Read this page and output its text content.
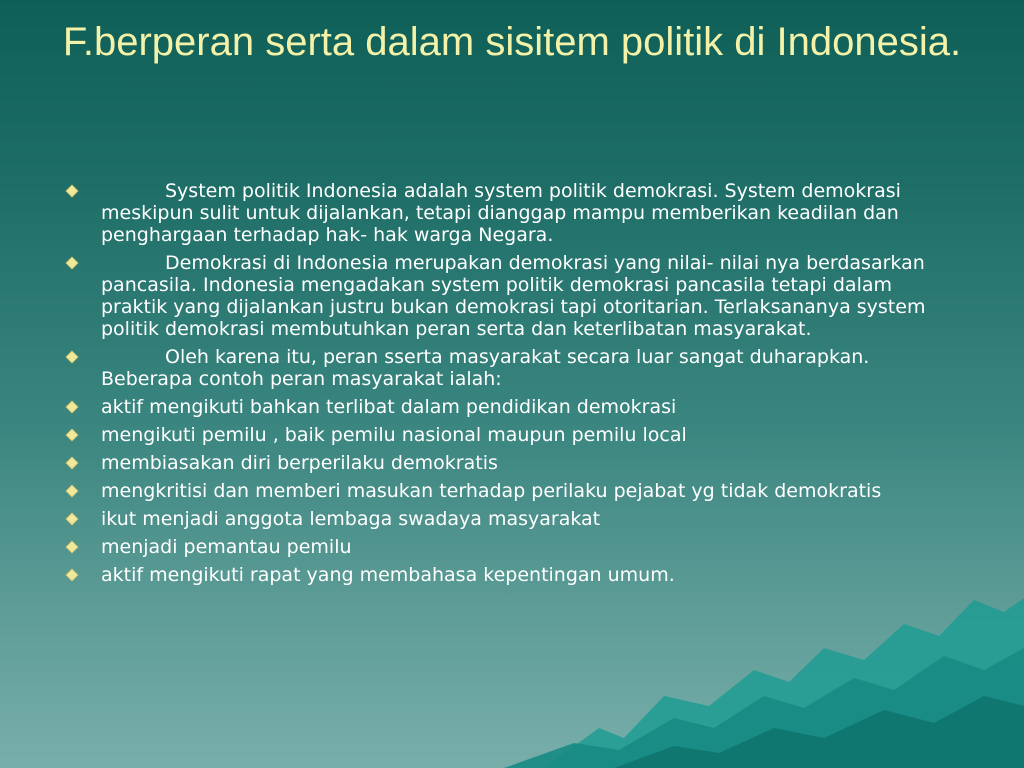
F.berperan serta dalam sisitem politik di Indonesia.
System politik Indonesia adalah system politik demokrasi. System demokrasi meskipun sulit untuk dijalankan, tetapi dianggap mampu memberikan keadilan dan penghargaan terhadap hak- hak warga Negara.
Demokrasi di Indonesia merupakan demokrasi yang nilai- nilai nya berdasarkan pancasila. Indonesia mengadakan system politik demokrasi pancasila tetapi dalam praktik yang dijalankan justru bukan demokrasi tapi otoritarian. Terlaksananya system politik demokrasi membutuhkan peran serta dan keterlibatan masyarakat.
Oleh karena itu, peran sserta masyarakat secara luar sangat duharapkan. Beberapa contoh peran masyarakat ialah:
aktif mengikuti bahkan terlibat dalam pendidikan demokrasi
mengikuti pemilu , baik pemilu nasional maupun pemilu local
membiasakan diri berperilaku demokratis
mengkritisi dan memberi masukan terhadap perilaku pejabat yg tidak demokratis
ikut menjadi anggota lembaga swadaya masyarakat
menjadi pemantau pemilu
aktif mengikuti rapat yang membahasa kepentingan umum.
